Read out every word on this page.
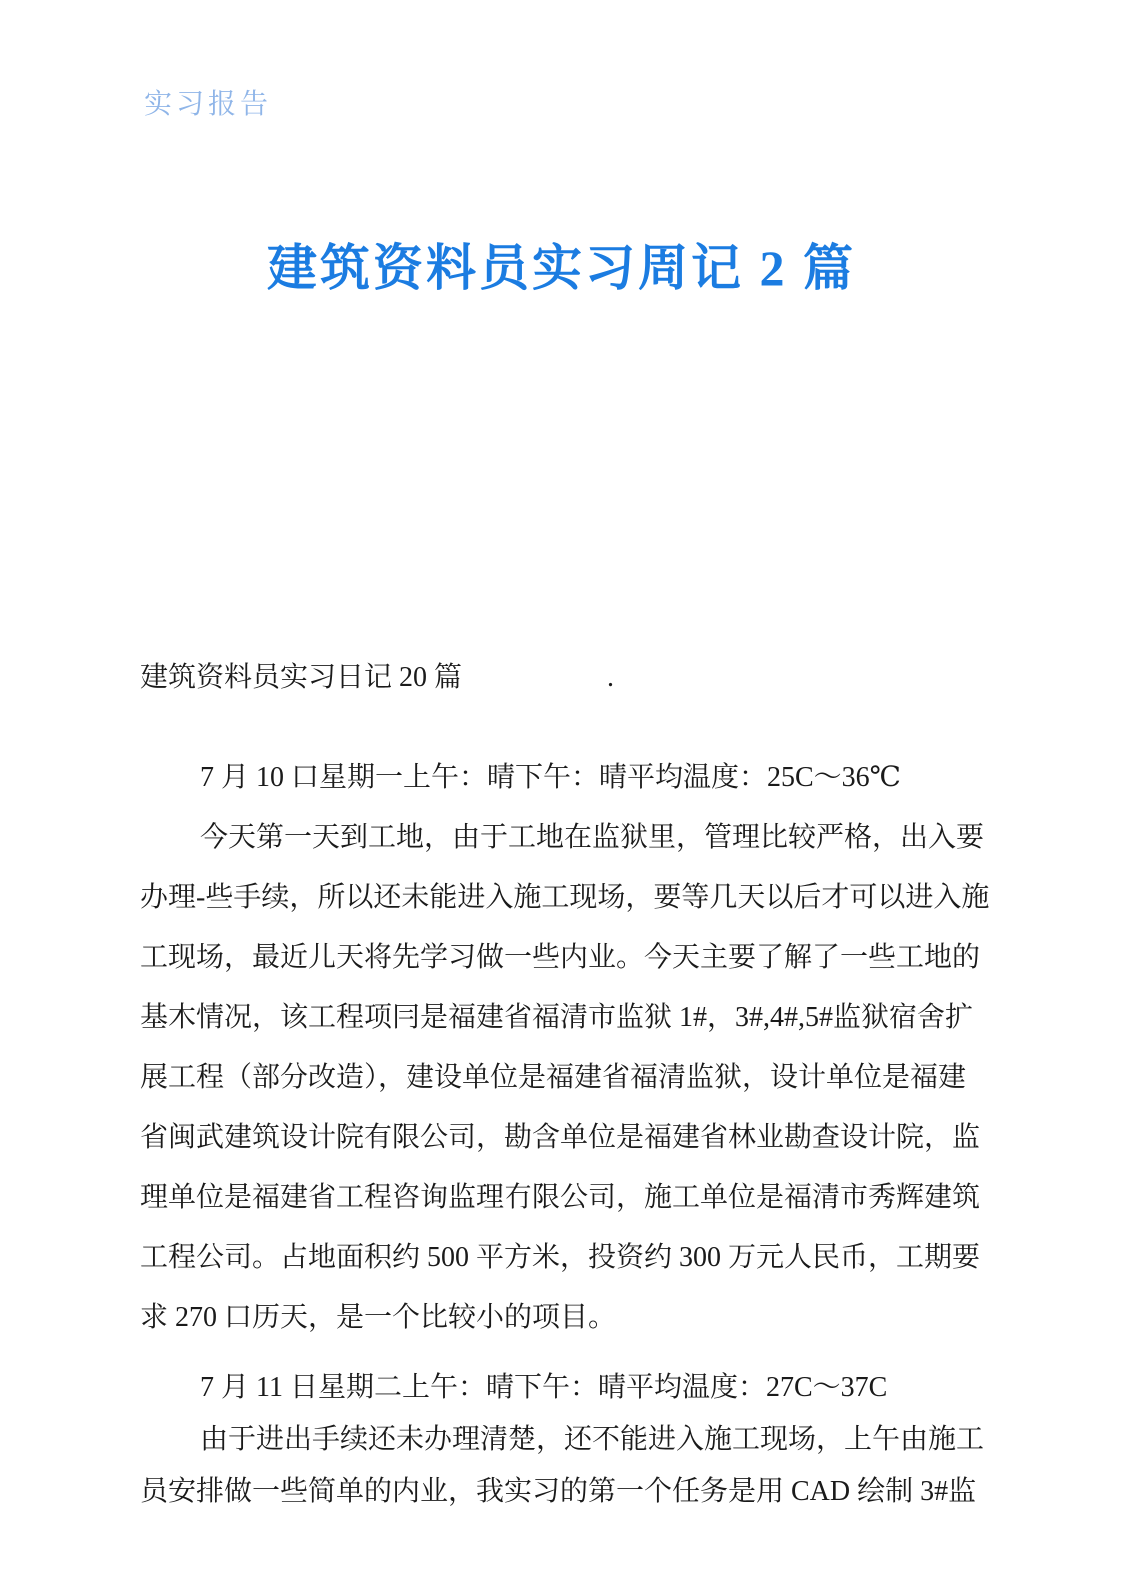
实习报告
建筑资料员实习周记 2 篇
建筑资料员实习日记 20 篇	.
7 月 10 口星期一上午：晴下午：晴平均温度：25C～36℃
今天第一天到工地，由于工地在监狱里，管理比较严格，出入要
办理-些手续，所以还未能进入施工现场，要等几天以后才可以进入施
工现场，最近儿天将先学习做一些内业。今天主要了解了一些工地的
基木情况，该工程项冃是福建省福清市监狱 1#，3#,4#,5#监狱宿舍扩
展工程（部分改造），建设单位是福建省福清监狱，设计单位是福建
省闽武建筑设计院有限公司，勘含单位是福建省林业勘查设计院，监
理单位是福建省工程咨询监理冇限公司，施工单位是福清市秀辉建筑
工程公司。占地面积约 500 平方米，投资约 300 万元人民币，工期要
求 270 口历天，是一个比较小的项目。
7 月 11 日星期二上午：晴下午：晴平均温度：27C～37C
由于进出手续还未办理清楚，还不能进入施工现场，上午由施工
员安排做一些简单的内业，我实习的第一个任务是用 CAD 绘制 3#监
